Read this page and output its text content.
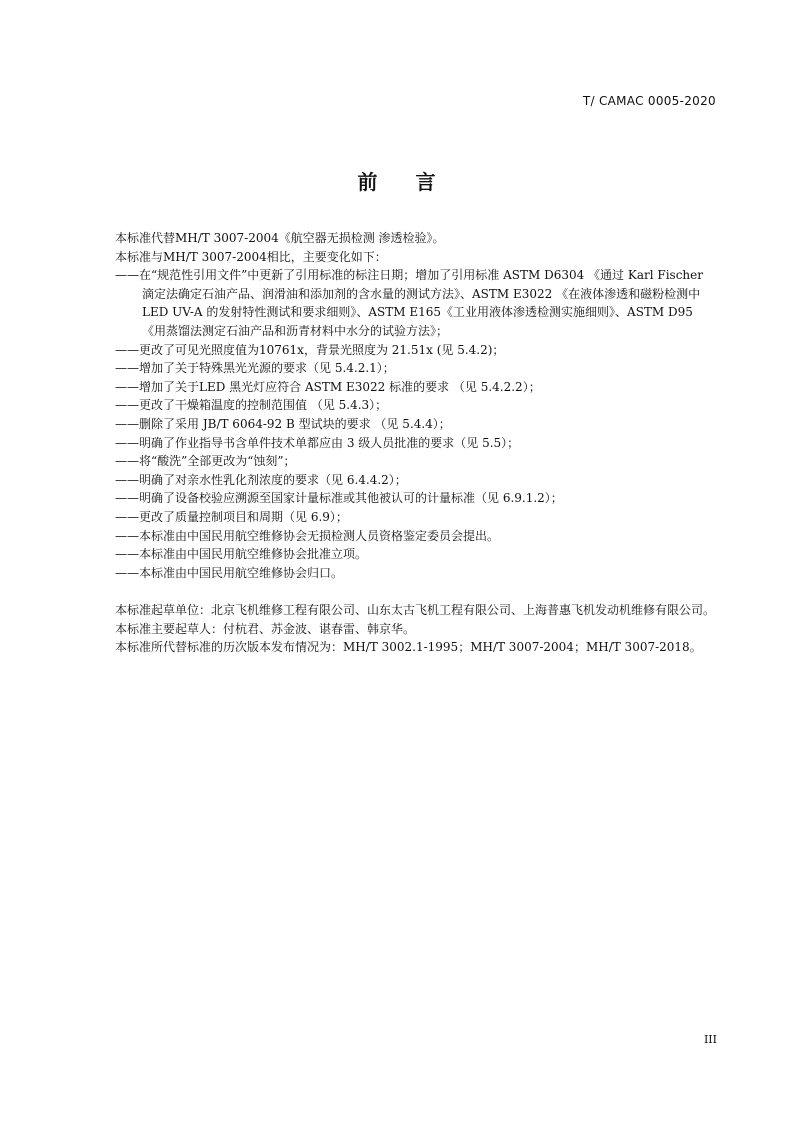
T/ CAMAC 0005-2020
前 言

本标准代替MH/T 3007-2004《航空器无损检测 渗透检验》。

本标准与MH/T 3007-2004相比，主要变化如下：

——在“规范性引用文件”中更新了引用标准的标注日期；增加了引用标准 ASTM D6304 《通过 Karl Fischer 滴定法确定石油产品、润滑油和添加剂的含水量的测试方法》、ASTM E3022 《在液体渗透和磁粉检测中 LED UV-A 的发射特性测试和要求细则》、ASTM E165《工业用液体渗透检测实施细则》、ASTM D95 《用蒸馏法测定石油产品和沥青材料中水分的试验方法》；

——更改了可见光照度值为10761x，背景光照度为 21.51x (见 5.4.2)；

——增加了关于特殊黑光光源的要求（见 5.4.2.1）；

——增加了关于LED 黑光灯应符合 ASTM E3022 标准的要求 （见 5.4.2.2）；

——更改了干燥箱温度的控制范围值 （见 5.4.3）；

——删除了采用 JB/T 6064-92 B 型试块的要求 （见 5.4.4）；

——明确了作业指导书含单件技术单都应由 3 级人员批准的要求（见 5.5）；

——将“酸洗”全部更改为“蚀刻”；

——明确了对亲水性乳化剂浓度的要求（见 6.4.4.2）；

——明确了设备校验应溯源至国家计量标准或其他被认可的计量标准（见 6.9.1.2）；

——更改了质量控制项目和周期（见 6.9）；

——本标准由中国民用航空维修协会无损检测人员资格鉴定委员会提出。

——本标准由中国民用航空维修协会批准立项。

——本标准由中国民用航空维修协会归口。

本标准起草单位：北京飞机维修工程有限公司、山东太古飞机工程有限公司、上海普惠飞机发动机维修有限公司。

本标准主要起草人：付杭君、苏金波、谌春雷、韩京华。

本标准所代替标准的历次版本发布情况为：MH/T 3002.1-1995；MH/T 3007-2004；MH/T 3007-2018。

III
